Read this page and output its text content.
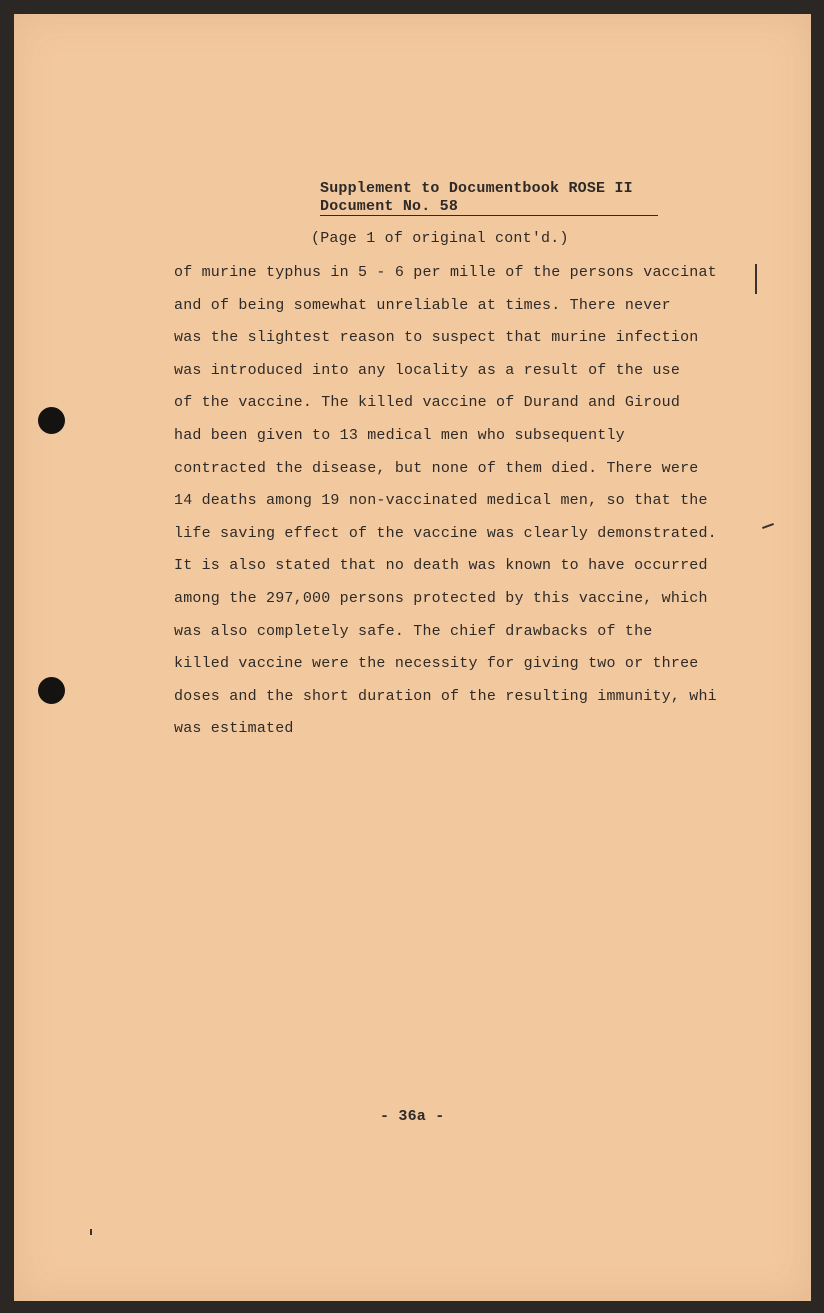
Supplement to Documentbook ROSE II
Document No. 58
(Page 1 of original cont'd.)
of murine typhus in 5 - 6 per mille of the persons vaccinat
and of being somewhat unreliable at times. There never
was the slightest reason to suspect that murine infection
was introduced into any locality as a result of the use
of the vaccine. The killed vaccine of Durand and Giroud
had been given to 13 medical men who subsequently
contracted the disease, but none of them died. There were
14 deaths among 19 non-vaccinated medical men, so that the
life saving effect of the vaccine was clearly demonstrated.
It is also stated that no death was known to have occurred
among the 297,000 persons protected by this vaccine, which
was also completely safe. The chief drawbacks of the
killed vaccine were the necessity for giving two or three
doses and the short duration of the resulting immunity, whi
was estimated
- 36a -
